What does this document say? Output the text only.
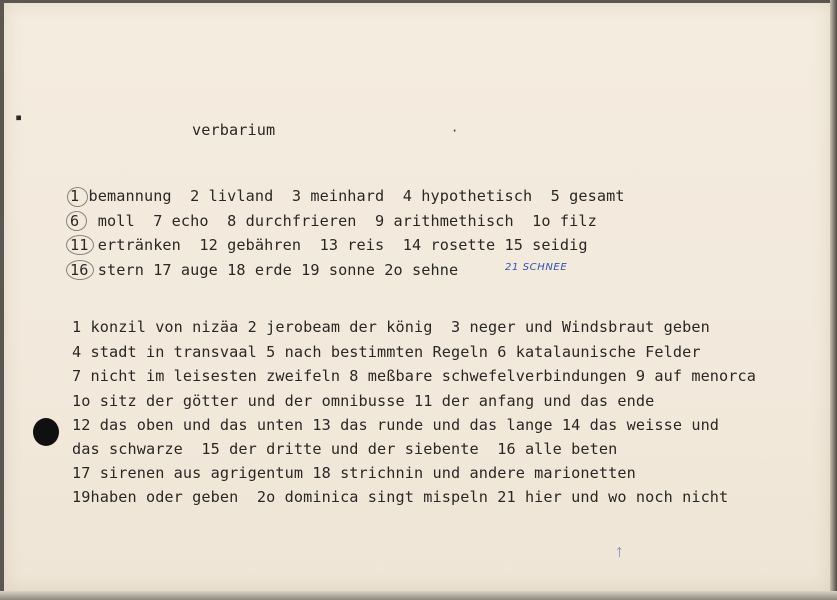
verbarium
▪
·
1 bemannung  2 livland  3 meinhard  4 hypothetisch  5 gesamt
6  moll  7 echo  8 durchfrieren  9 arithmethisch  1o filz
11 ertränken  12 gebähren  13 reis  14 rosette 15 seidig
16 stern 17 auge 18 erde 19 sonne 2o sehne	21 SCHNEE
1 konzil von nizäa 2 jerobeam der könig  3 neger und Windsbraut geben
4 stadt in transvaal 5 nach bestimmten Regeln 6 katalaunische Felder
7 nicht im leisesten zweifeln 8 meßbare schwefelverbindungen 9 auf menorca
1o sitz der götter und der omnibusse 11 der anfang und das ende
12 das oben und das unten 13 das runde und das lange 14 das weisse und
das schwarze  15 der dritte und der siebente  16 alle beten
17 sirenen aus agrigentum 18 strichnin und andere marionetten
19haben oder geben  2o dominica singt mispeln 21 hier und wo noch nicht
ᛏ
